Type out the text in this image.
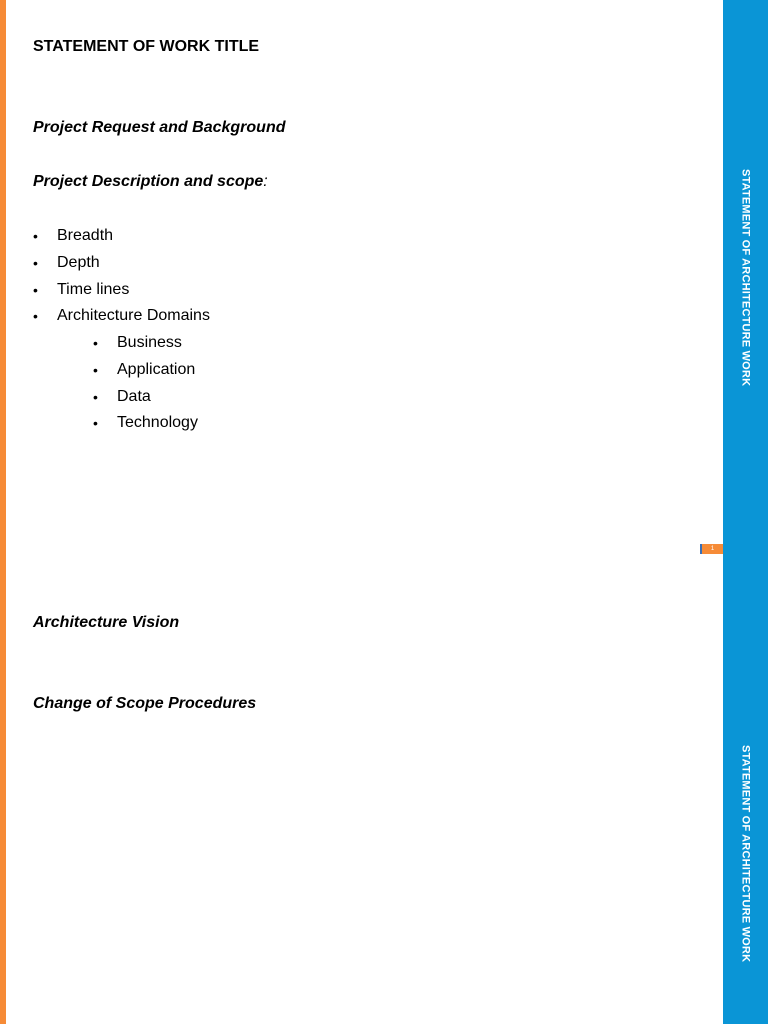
STATEMENT OF ARCHITECTURE WORK
STATEMENT OF ARCHITECTURE WORK
1
STATEMENT OF WORK TITLE
Project Request and Background
Project Description and scope:
• Breadth
• Depth
• Time lines
• Architecture Domains
• Business
• Application
• Data
• Technology
Architecture Vision
Change of Scope Procedures
